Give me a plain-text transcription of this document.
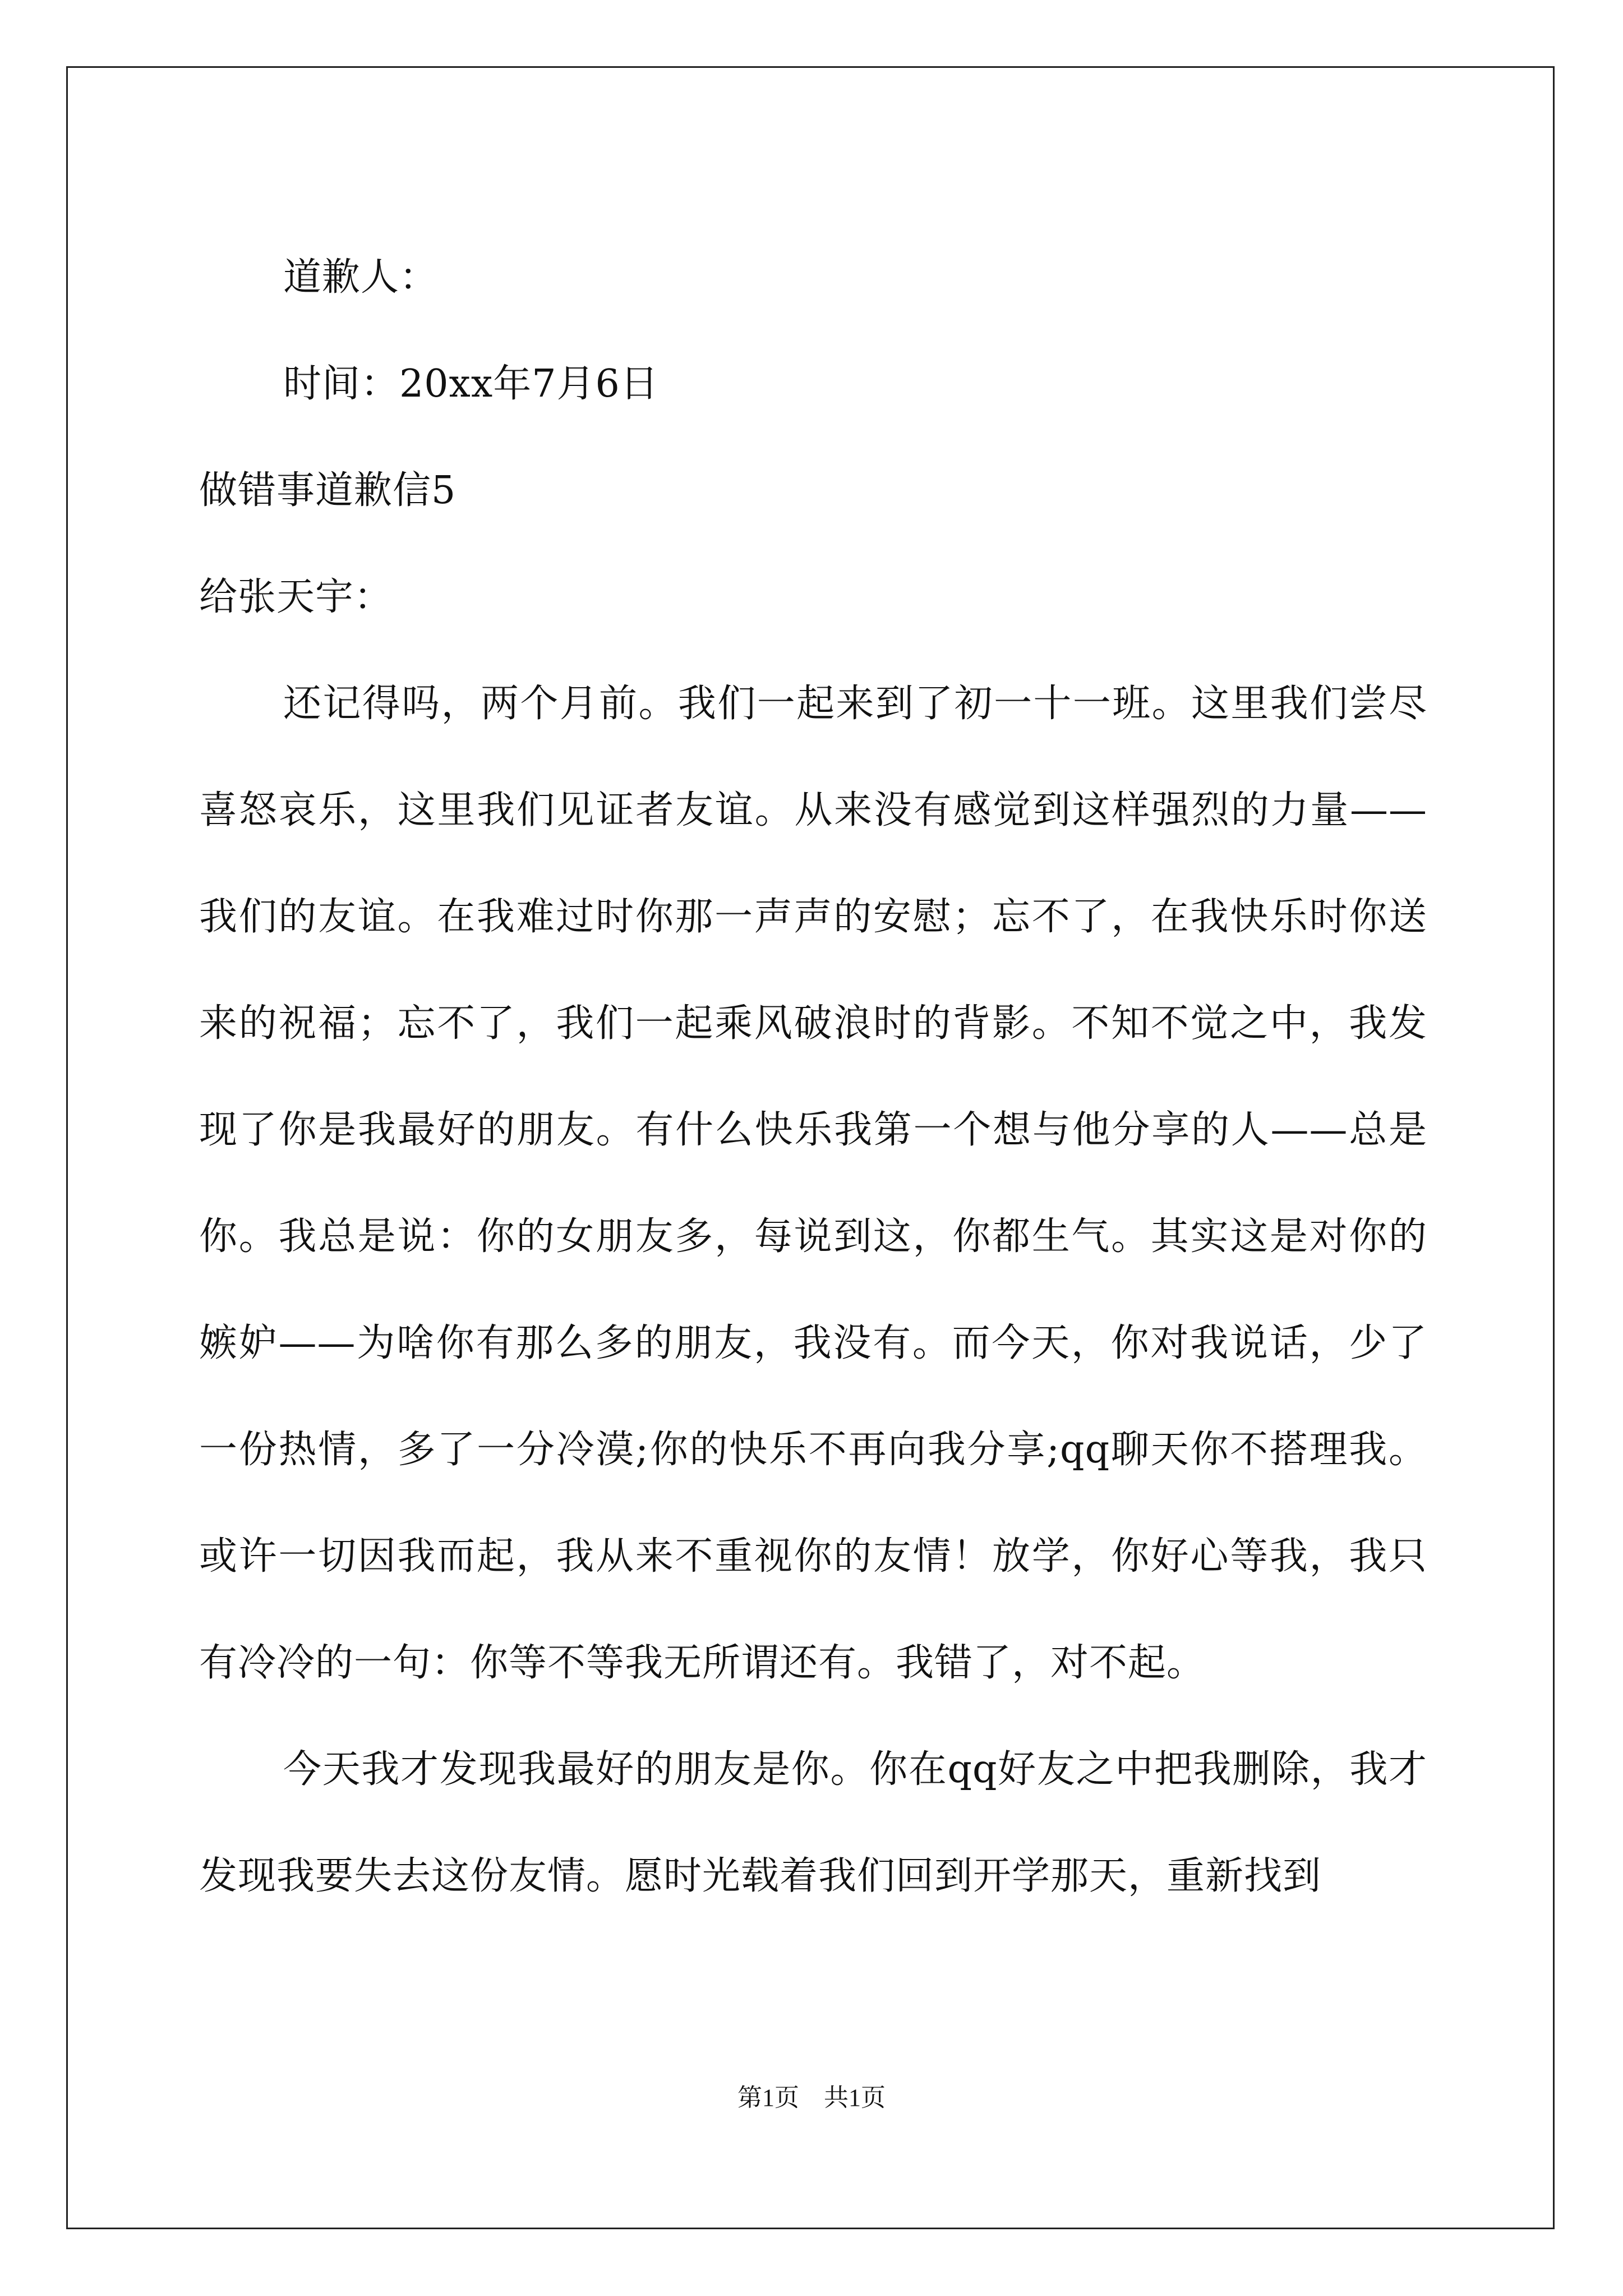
道歉人：
时间：20xx年7月6日
做错事道歉信5
给张天宇：
还记得吗，两个月前。我们一起来到了初一十一班。这里我们尝尽喜怒哀乐，这里我们见证者友谊。从来没有感觉到这样强烈的力量——我们的友谊。在我难过时你那一声声的安慰；忘不了，在我快乐时你送来的祝福；忘不了，我们一起乘风破浪时的背影。不知不觉之中，我发现了你是我最好的朋友。有什么快乐我第一个想与他分享的人——总是你。我总是说：你的女朋友多，每说到这，你都生气。其实这是对你的嫉妒——为啥你有那么多的朋友，我没有。而今天，你对我说话，少了一份热情，多了一分冷漠;你的快乐不再向我分享;qq聊天你不搭理我。或许一切因我而起，我从来不重视你的友情！放学，你好心等我，我只有冷冷的一句：你等不等我无所谓还有。我错了，对不起。
今天我才发现我最好的朋友是你。你在qq好友之中把我删除，我才发现我要失去这份友情。愿时光载着我们回到开学那天，重新找到
第1页　共1页
